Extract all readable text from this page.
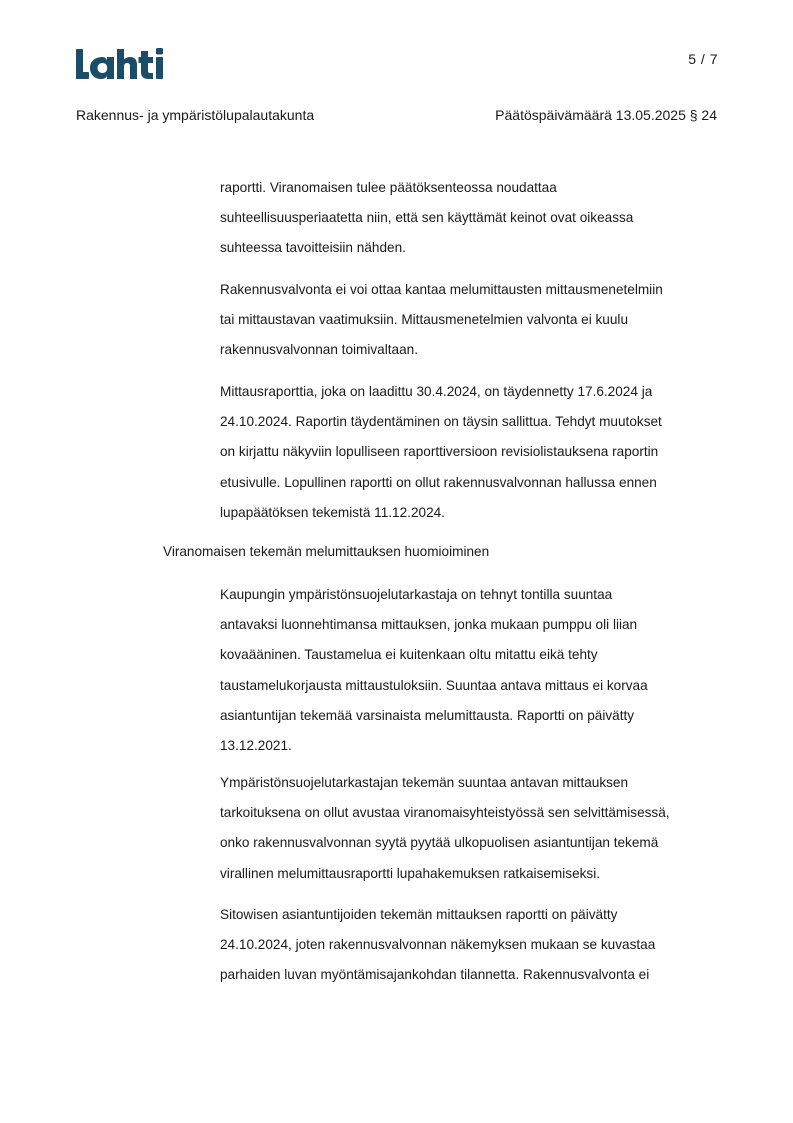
5 / 7
Rakennus- ja ympäristölupalautakunta	Päätöspäivämäärä 13.05.2025 § 24

raportti. Viranomaisen tulee päätöksenteossa noudattaa
suhteellisuusperiaatetta niin, että sen käyttämät keinot ovat oikeassa
suhteessa tavoitteisiin nähden.

Rakennusvalvonta ei voi ottaa kantaa melumittausten mittausmenetelmiin
tai mittaustavan vaatimuksiin. Mittausmenetelmien valvonta ei kuulu
rakennusvalvonnan toimivaltaan.

Mittausraporttia, joka on laadittu 30.4.2024, on täydennetty 17.6.2024 ja
24.10.2024. Raportin täydentäminen on täysin sallittua. Tehdyt muutokset
on kirjattu näkyviin lopulliseen raporttiversioon revisiolistauksena raportin
etusivulle. Lopullinen raportti on ollut rakennusvalvonnan hallussa ennen
lupapäätöksen tekemistä 11.12.2024.

Viranomaisen tekemän melumittauksen huomioiminen

Kaupungin ympäristönsuojelutarkastaja on tehnyt tontilla suuntaa
antavaksi luonnehtimansa mittauksen, jonka mukaan pumppu oli liian
kovaääninen. Taustamelua ei kuitenkaan oltu mitattu eikä tehty
taustamelukorjausta mittaustuloksiin. Suuntaa antava mittaus ei korvaa
asiantuntijan tekemää varsinaista melumittausta. Raportti on päivätty
13.12.2021.

Ympäristönsuojelutarkastajan tekemän suuntaa antavan mittauksen
tarkoituksena on ollut avustaa viranomaisyhteistyössä sen selvittämisessä,
onko rakennusvalvonnan syytä pyytää ulkopuolisen asiantuntijan tekemä
virallinen melumittausraportti lupahakemuksen ratkaisemiseksi.

Sitowisen asiantuntijoiden tekemän mittauksen raportti on päivätty
24.10.2024, joten rakennusvalvonnan näkemyksen mukaan se kuvastaa
parhaiden luvan myöntämisajankohdan tilannetta. Rakennusvalvonta ei
